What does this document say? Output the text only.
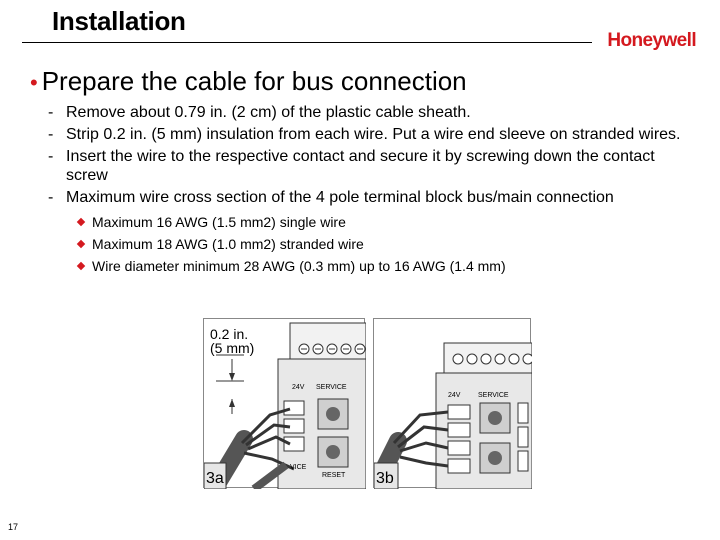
Installation
Honeywell
• Prepare the cable for bus connection
- Remove about 0.79 in. (2 cm) of the plastic cable sheath.
- Strip 0.2 in. (5 mm) insulation from each wire. Put a wire end sleeve on stranded wires.
- Insert the wire to the respective contact and secure it by screwing down the contact screw
- Maximum wire cross section of the 4 pole terminal block bus/main connection
Maximum 16 AWG (1.5 mm2) single wire
Maximum 18 AWG (1.0 mm2) stranded wire
Wire diameter minimum 28 AWG (0.3 mm) up to 16 AWG (1.4 mm)
0.2 in.
(5 mm)
24V SERVICE
VICE
RESET
3a
24V	SERVICE
3b
17
